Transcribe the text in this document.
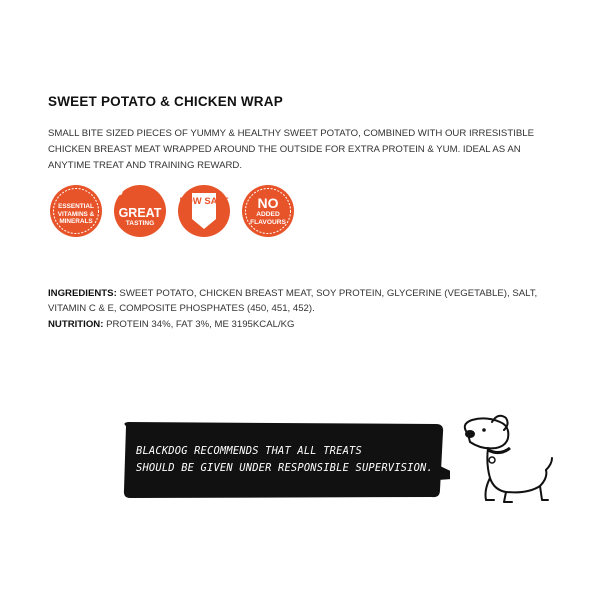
SWEET POTATO & CHICKEN WRAP
SMALL BITE SIZED PIECES OF YUMMY & HEALTHY SWEET POTATO, COMBINED WITH OUR IRRESISTIBLE CHICKEN BREAST MEAT WRAPPED AROUND THE OUTSIDE FOR EXTRA PROTEIN & YUM. IDEAL AS AN ANYTIME TREAT AND TRAINING REWARD.
ESSENTIAL VITAMINS & MINERALS
GREAT
TASTING
LOW SALT	NO
ADDED FLAVOURS
INGREDIENTS: SWEET POTATO, CHICKEN BREAST MEAT, SOY PROTEIN, GLYCERINE (VEGETABLE), SALT, VITAMIN C & E, COMPOSITE PHOSPHATES (450, 451, 452).
NUTRITION: PROTEIN 34%, FAT 3%, ME 3195KCAL/KG
BLACKDOG RECOMMENDS THAT ALL TREATS
SHOULD BE GIVEN UNDER RESPONSIBLE SUPERVISION.
